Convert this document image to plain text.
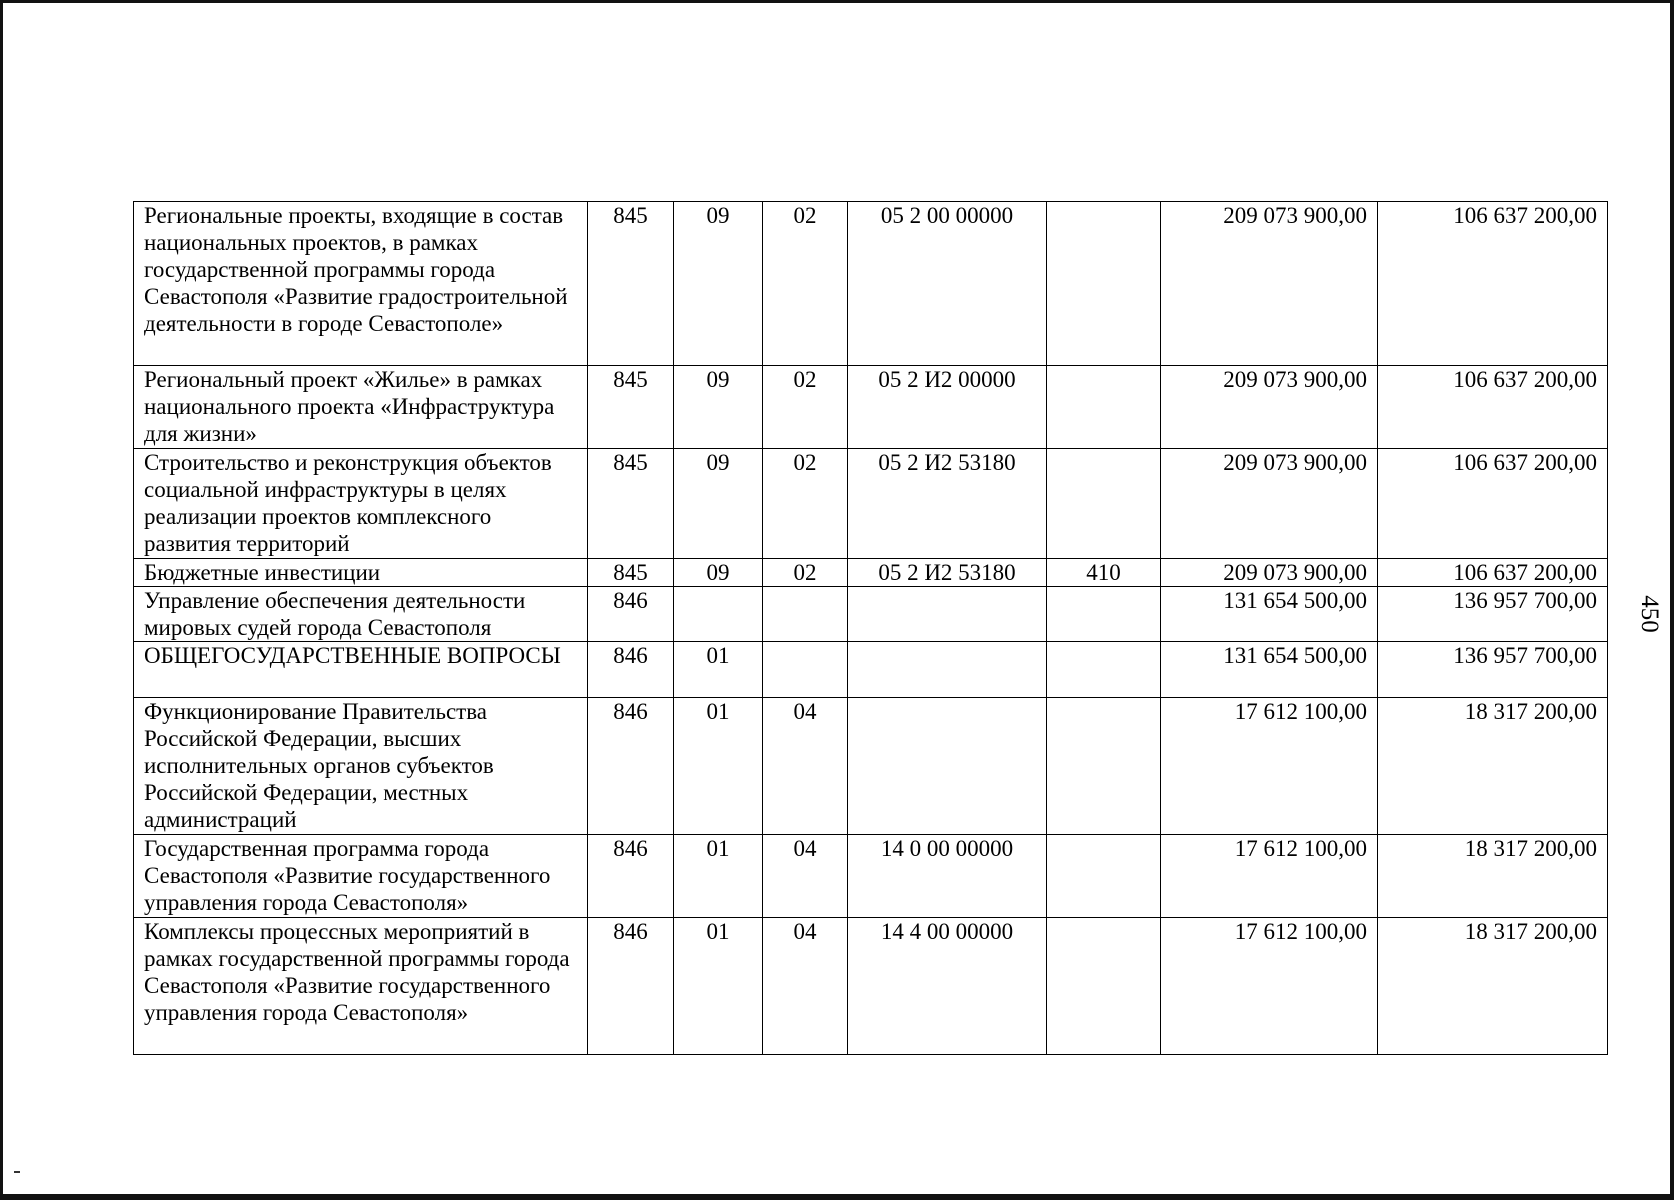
Региональные проекты, входящие в состав национальных проектов, в рамках государственной программы города Севастополя «Развитие градостроительной деятельности в городе Севастополе»	845	09	02	05 2 00 00000		209 073 900,00	106 637 200,00
Региональный проект «Жилье» в рамках национального проекта «Инфраструктура для жизни»	845	09	02	05 2 И2 00000		209 073 900,00	106 637 200,00
Строительство и реконструкция объектов социальной инфраструктуры в целях реализации проектов комплексного развития территорий	845	09	02	05 2 И2 53180		209 073 900,00	106 637 200,00
Бюджетные инвестиции	845	09	02	05 2 И2 53180	410	209 073 900,00	106 637 200,00
Управление обеспечения деятельности мировых судей города Севастополя	846					131 654 500,00	136 957 700,00
ОБЩЕГОСУДАРСТВЕННЫЕ ВОПРОСЫ	846	01				131 654 500,00	136 957 700,00
Функционирование Правительства Российской Федерации, высших исполнительных органов субъектов Российской Федерации, местных администраций	846	01	04			17 612 100,00	18 317 200,00
Государственная программа города Севастополя «Развитие государственного управления города Севастополя»	846	01	04	14 0 00 00000		17 612 100,00	18 317 200,00
Комплексы процессных мероприятий в рамках государственной программы города Севастополя «Развитие государственного управления города Севастополя»	846	01	04	14 4 00 00000		17 612 100,00	18 317 200,00
450
